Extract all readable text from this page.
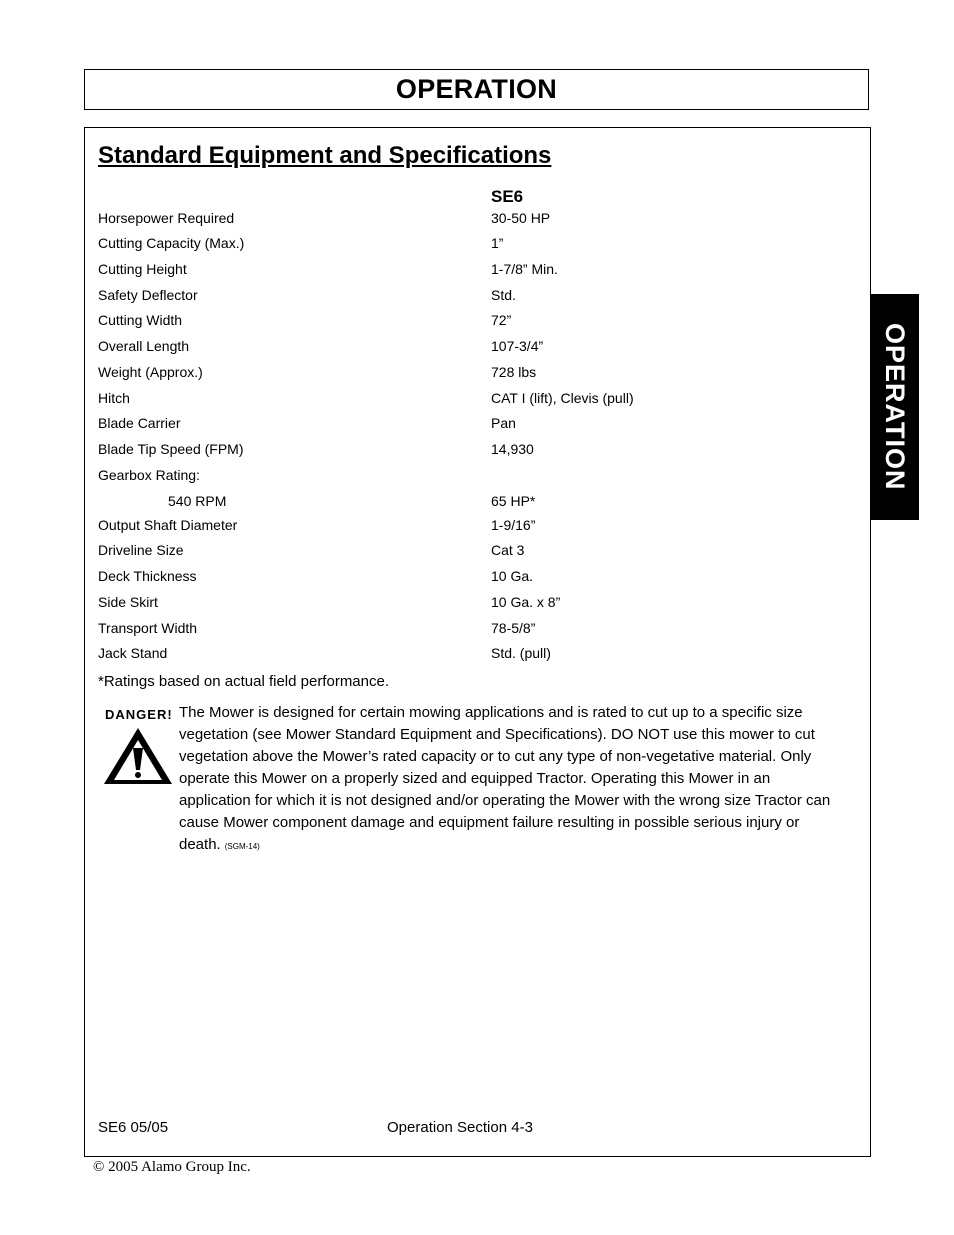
OPERATION
Standard Equipment and Specifications
SE6
Horsepower Required	30-50 HP
Cutting Capacity (Max.)	1”
Cutting Height	1-7/8” Min.
Safety Deflector	Std.
Cutting Width	72”
Overall Length	107-3/4”
Weight (Approx.)	728 lbs
Hitch	CAT I (lift), Clevis (pull)
Blade Carrier	Pan
Blade Tip Speed (FPM)	14,930
Gearbox Rating:
540 RPM	65 HP*
Output Shaft Diameter	1-9/16”
Driveline Size	Cat 3
Deck Thickness	10 Ga.
Side Skirt	10 Ga. x 8”
Transport Width	78-5/8”
Jack Stand	Std. (pull)
*Ratings based on actual field performance.
DANGER! The Mower is designed for certain mowing applications and is rated to cut up to a specific size
vegetation (see Mower Standard Equipment and Specifications). DO NOT use this mower to cut
vegetation above the Mower’s rated capacity or to cut any type of non-vegetative material. Only
operate this Mower on a properly sized and equipped Tractor. Operating this Mower in an
application for which it is not designed and/or operating the Mower with the wrong size Tractor can
cause Mower component damage and equipment failure resulting in possible serious injury or
death. (SGM-14)
SE6 05/05	Operation Section 4-3
© 2005 Alamo Group Inc.
OPERATION
